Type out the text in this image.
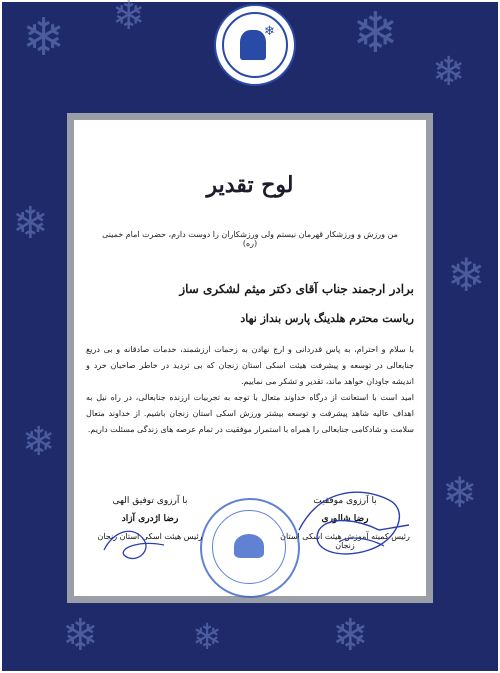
❄ ❄	❄
❄
❄
❄
❄
❄
❄	❄ ❄
❄
لوح تقدیر
من ورزش و ورزشکار قهرمان نیستم ولی ورزشکاران را دوست دارم، حضرت امام خمینی (ره)
برادر ارجمند جناب آقای دکتر میثم لشکری ساز
ریاست محترم هلدینگ پارس بنداز نهاد
با سلام و احترام، به پاس قدردانی و ارج نهادن به زحمات ارزشمند، خدمات صادقانه و بی دریغ جنابعالی در توسعه و پیشرفت هیئت اسکی استان زنجان که بی تردید در خاطر صاحبان خرد و اندیشه جاودان خواهد ماند، تقدیر و تشکر می نماییم.
امید است با استعانت از درگاه خداوند متعال با توجه به تجربیات ارزنده جنابعالی، در راه نیل به اهداف عالیه شاهد پیشرفت و توسعه بیشتر ورزش اسکی استان زنجان باشیم. از خداوند متعال سلامت و شادکامی جنابعالی را همراه با استمرار موفقیت در تمام عرصه های زندگی مسئلت داریم.
با آرزوی موفقیت
رضا شالوری
رئیس کمیته آموزش هیئت اسکی استان زنجان
با آرزوی توفیق الهی
رضا اژدری آزاد
رئیس هیئت اسکی استان زنجان
